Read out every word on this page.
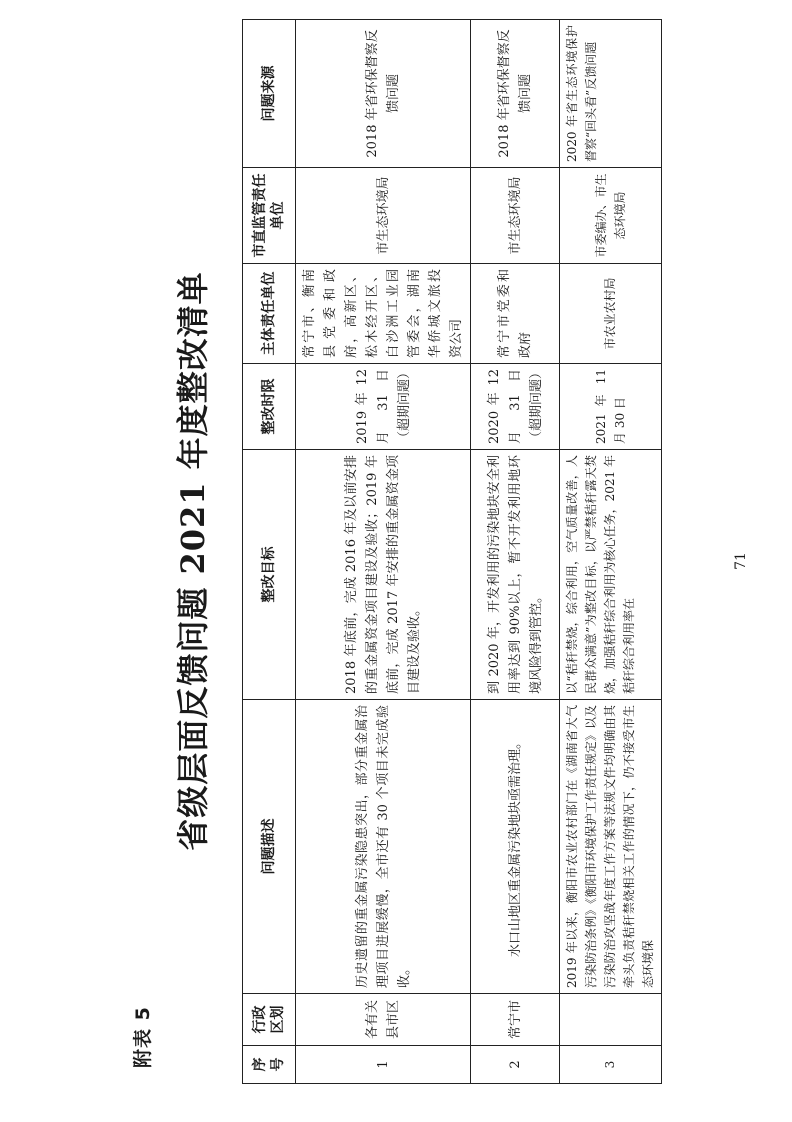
附表 5
省级层面反馈问题 2021 年度整改清单
序号	行政区划	问题描述	整改目标	整改时限	主体责任单位	市直监管责任单位	问题来源
1	各有关县市区	历史遗留的重金属污染隐患突出，部分重金属治理项目进展缓慢，全市还有 30 个项目未完成验收。	2018 年底前，完成 2016 年及以前安排的重金属资金项目建设及验收；2019 年底前，完成 2017 年安排的重金属资金项目建设及验收。	2019 年 12 月 31 日（超期问题）	常宁市、衡南县党委和政府，高新区、松木经开区、白沙洲工业园管委会，湖南华侨城文旅投资公司	市生态环境局	2018 年省环保督察反馈问题
2	常宁市	水口山地区重金属污染地块亟需治理。	到 2020 年，开发利用的污染地块安全利用率达到 90%以上，暂不开发利用地环境风险得到管控。	2020 年 12 月 31 日（超期问题）	常宁市党委和政府	市生态环境局	2018 年省环保督察反馈问题
3		2019 年以来，衡阳市农业农村部门在《湖南省大气污染防治条例》《衡阳市环境保护工作责任规定》以及污染防治攻坚战年度工作方案等法规文件均明确由其牵头负责秸秆禁烧相关工作的情况下，仍不接受市生态环境保	以“秸秆禁烧，综合利用，空气质量改善，人民群众满意”为整改目标，以严禁秸秆露天焚烧，加强秸秆综合利用为核心任务，2021 年秸秆综合利用率在	2021 年 11 月 30 日	市农业农村局	市委编办、市生态环境局	2020 年省生态环境保护督察“回头看”反馈问题
71
